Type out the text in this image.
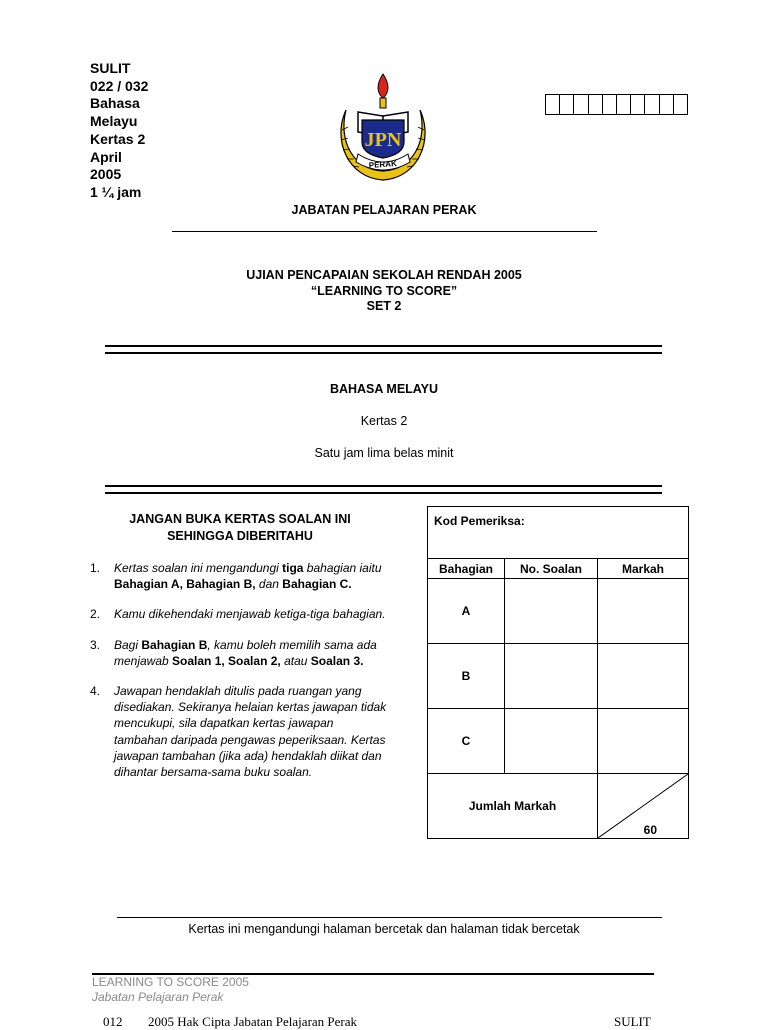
SULIT
022 / 032
Bahasa
Melayu
Kertas 2
April
2005
1 ¼ jam
JPN
PERAK
JABATAN PELAJARAN PERAK
UJIAN PENCAPAIAN SEKOLAH RENDAH 2005
“LEARNING TO SCORE”
SET 2
BAHASA MELAYU
Kertas 2
Satu jam lima belas minit
JANGAN BUKA KERTAS SOALAN INI SEHINGGA DIBERITAHU
1.	Kertas soalan ini mengandungi tiga bahagian iaitu Bahagian A, Bahagian B, dan Bahagian C.
2.	Kamu dikehendaki menjawab ketiga-tiga bahagian.
3.	Bagi Bahagian B, kamu boleh memilih sama ada menjawab Soalan 1, Soalan 2, atau Soalan 3.
4.	Jawapan hendaklah ditulis pada ruangan yang disediakan. Sekiranya helaian kertas jawapan tidak mencukupi, sila dapatkan kertas jawapan tambahan daripada pengawas peperiksaan. Kertas jawapan tambahan (jika ada) hendaklah diikat dan dihantar bersama-sama buku soalan.
Kod Pemeriksa:		
Bahagian	No. Soalan	Markah
A		
B		
C		
Jumlah Markah		60
Kertas ini mengandungi halaman bercetak dan halaman tidak bercetak
LEARNING TO SCORE 2005
Jabatan Pelajaran Perak
012 2005 Hak Cipta Jabatan Pelajaran Perak	SULIT
